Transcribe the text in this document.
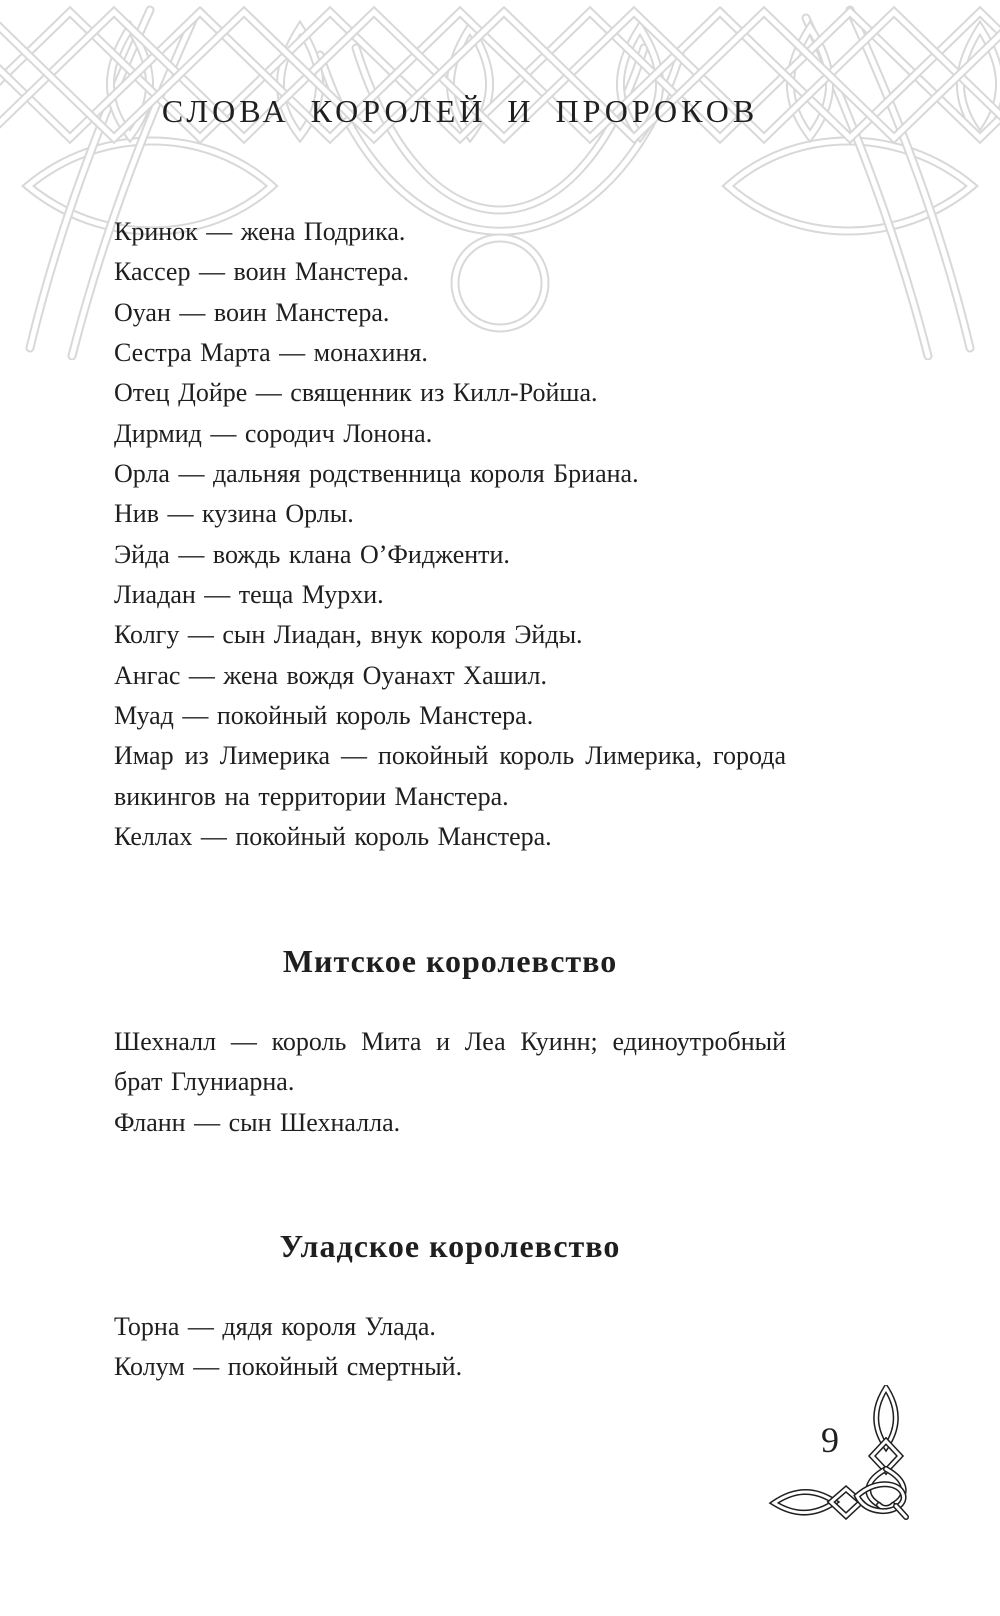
СЛОВА КОРОЛЕЙ И ПРОРОКОВ

Кринок — жена Подрика.

Кассер — воин Манстера.

Оуан — воин Манстера.

Сестра Марта — монахиня.

Отец Дойре — священник из Килл-Ройша.

Дирмид — сородич Лонона.

Орла — дальняя родственница короля Бриана.

Нив — кузина Орлы.

Эйда — вождь клана О’Фидженти.

Лиадан — теща Мурхи.

Колгу — сын Лиадан, внук короля Эйды.

Ангас — жена вождя Оуанахт Хашил.

Муад — покойный король Манстера.

Имар из Лимерика — покойный король Лимерика, города викингов на территории Манстера.

Келлах — покойный король Манстера.

Митское королевство

Шехналл — король Мита и Леа Куинн; единоутробный брат Глуниарна.

Фланн — сын Шехналла.

Уладское королевство

Торна — дядя короля Улада.

Колум — покойный смертный.

9
